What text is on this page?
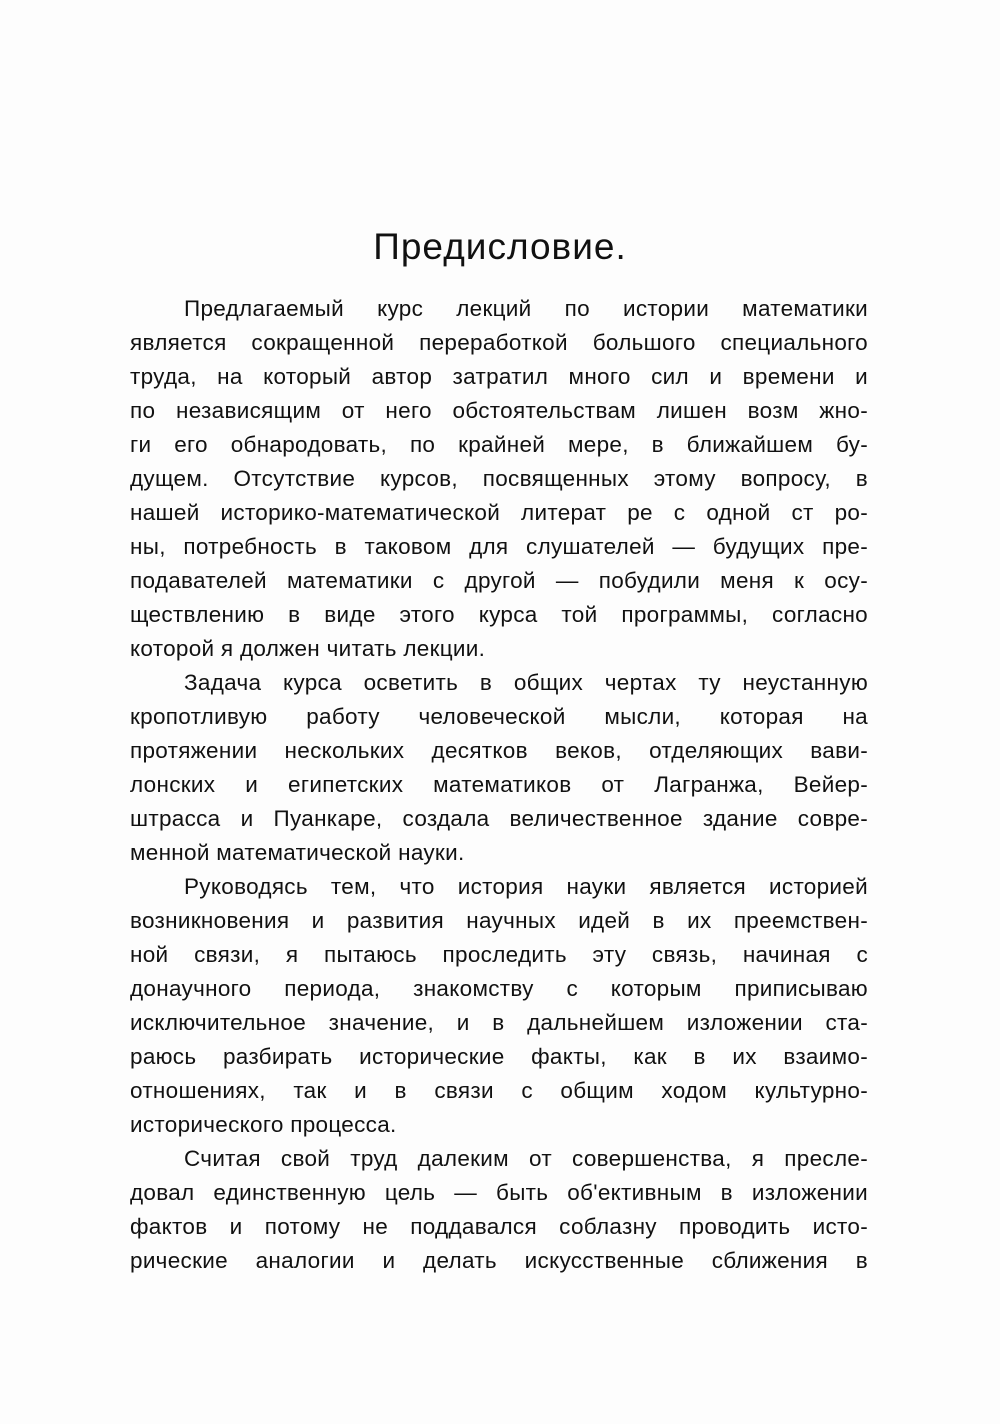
Предисловие.
Предлагаемый курс лекций по истории математики
является сокращенной переработкой большого специального
труда, на который автор затратил много сил и времени и
по независящим от него обстоятельствам лишен возм жно-
ги его обнародовать, по крайней мере, в ближайшем бу-
дущем. Отсутствие курсов, посвященных этому вопросу, в
нашей историко-математической литерат ре с одной ст ро-
ны, потребность в таковом для слушателей — будущих пре-
подавателей математики с другой — побудили меня к осу-
ществлению в виде этого курса той программы, согласно
которой я должен читать лекции.
Задача курса осветить в общих чертах ту неустанную
кропотливую работу человеческой мысли, которая на
протяжении нескольких десятков веков, отделяющих вави-
лонских и египетских математиков от Лагранжа, Вейер-
штрасса и Пуанкаре, создала величественное здание совре-
менной математической науки.
Руководясь тем, что история науки является историей
возникновения и развития научных идей в их преемствен-
ной связи, я пытаюсь проследить эту связь, начиная с
донаучного периода, знакомству с которым приписываю
исключительное значение, и в дальнейшем изложении ста-
раюсь разбирать исторические факты, как в их взаимо-
отношениях, так и в связи с общим ходом культурно-
исторического процесса.
Считая свой труд далеким от совершенства, я пресле-
довал единственную цель — быть об'ективным в изложении
фактов и потому не поддавался соблазну проводить исто-
рические аналогии и делать искусственные сближения в
